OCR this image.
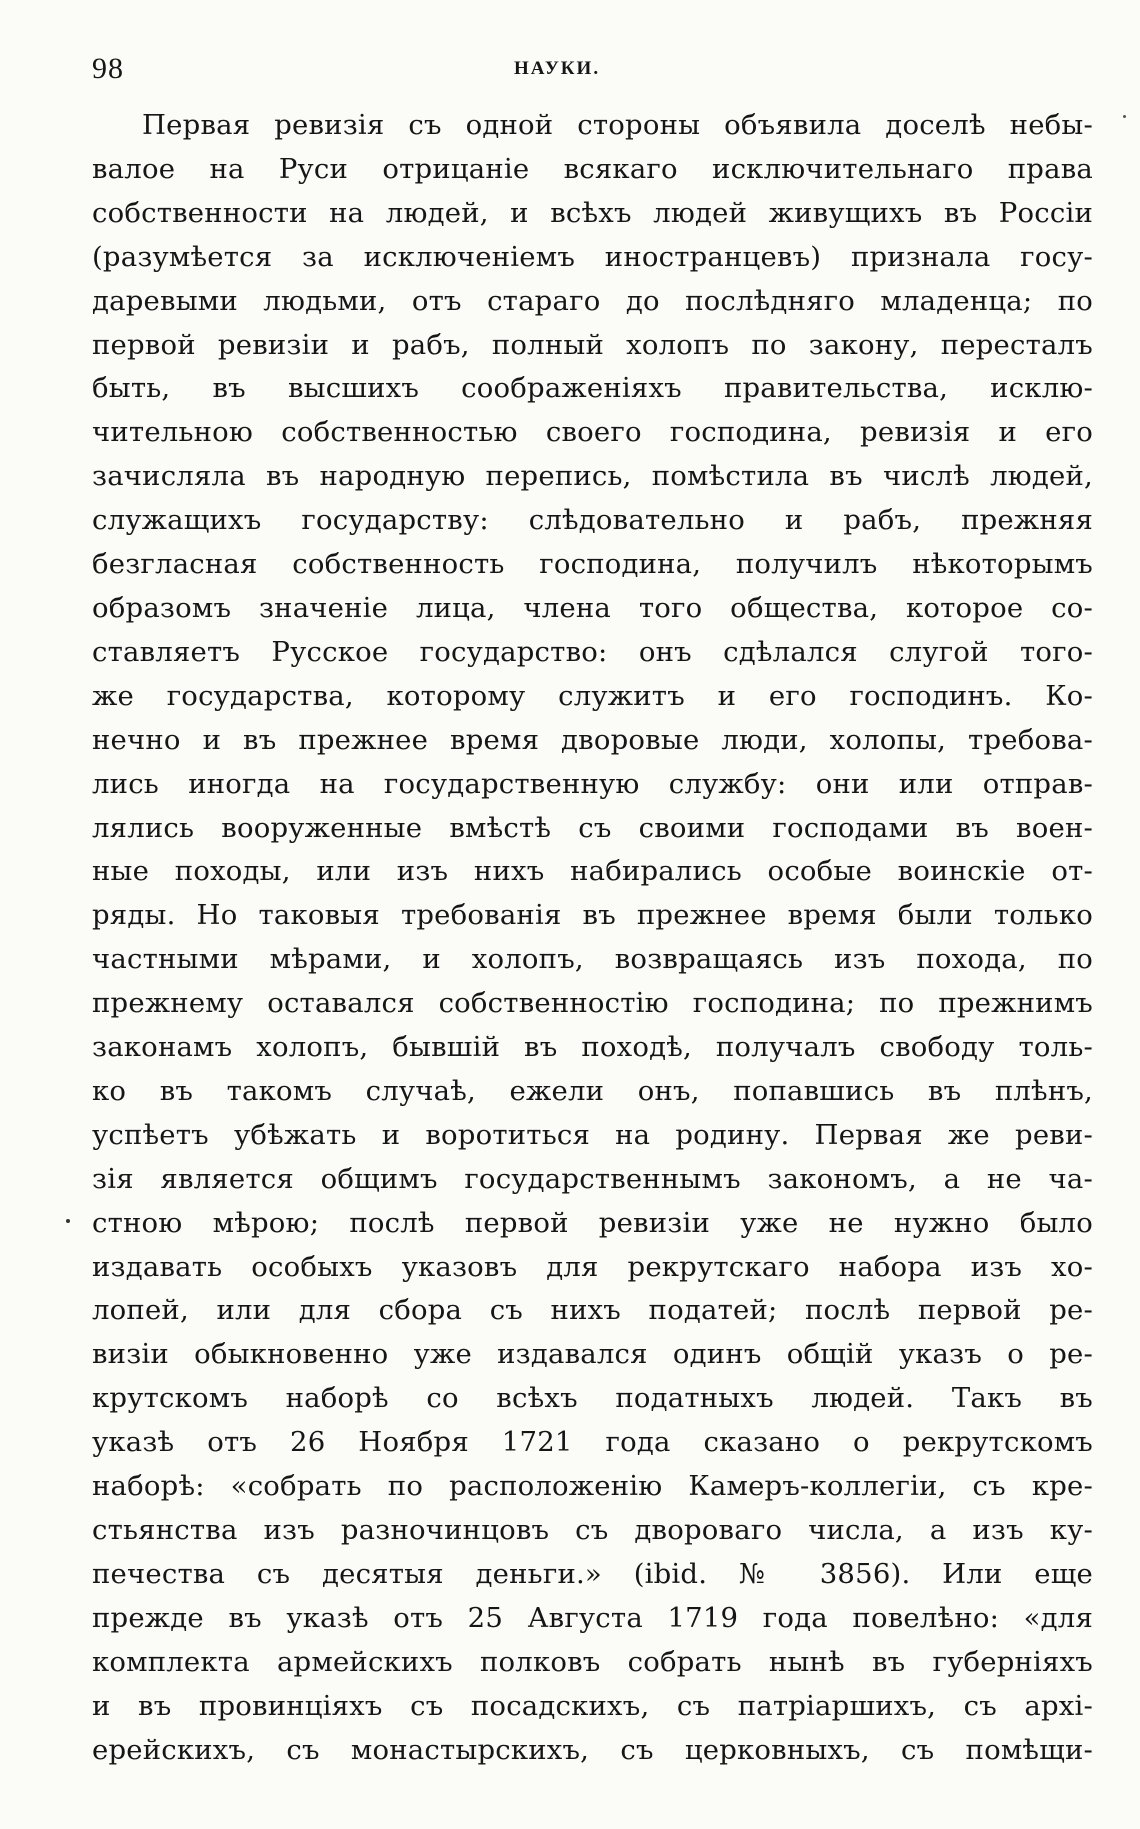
98	НАУКИ.
Первая ревизія съ одной стороны объявила доселѣ небы-
валое на Руси отрицаніе всякаго исключительнаго права
собственности на людей, и всѣхъ людей живущихъ въ Россіи
(разумѣется за исключеніемъ иностранцевъ) признала госу-
даревыми людьми, отъ стараго до послѣдняго младенца; по
первой ревизіи и рабъ, полный холопъ по закону, пересталъ
быть, въ высшихъ соображеніяхъ правительства, исклю-
чительною собственностью своего господина, ревизія и его
зачисляла въ народную перепись, помѣстила въ числѣ людей,
служащихъ государству: слѣдовательно и рабъ, прежняя
безгласная собственность господина, получилъ нѣкоторымъ
образомъ значеніе лица, члена того общества, которое со-
ставляетъ Русское государство: онъ сдѣлался слугой того-
же государства, которому служитъ и его господинъ. Ко-
нечно и въ прежнее время дворовые люди, холопы, требова-
лись иногда на государственную службу: они или отправ-
лялись вооруженные вмѣстѣ съ своими господами въ воен-
ные походы, или изъ нихъ набирались особые воинскіе от-
ряды. Но таковыя требованія въ прежнее время были только
частными мѣрами, и холопъ, возвращаясь изъ похода, по
прежнему оставался собственностію господина; по прежнимъ
законамъ холопъ, бывшій въ походѣ, получалъ свободу толь-
ко въ такомъ случаѣ, ежели онъ, попавшись въ плѣнъ,
успѣетъ убѣжать и воротиться на родину. Первая же реви-
зія является общимъ государственнымъ закономъ, а не ча-
стною мѣрою; послѣ первой ревизіи уже не нужно было
издавать особыхъ указовъ для рекрутскаго набора изъ хо-
лопей, или для сбора съ нихъ податей; послѣ первой ре-
визіи обыкновенно уже издавался одинъ общій указъ о ре-
крутскомъ наборѣ со всѣхъ податныхъ людей. Такъ въ
указѣ отъ 26 Ноября 1721 года сказано о рекрутскомъ
наборѣ: «собрать по расположенію Камеръ-коллегіи, съ кре-
стьянства изъ разночинцовъ съ двороваго числа, а изъ ку-
печества съ десятыя деньги.» (ibid. № 3856). Или еще
прежде въ указѣ отъ 25 Августа 1719 года повелѣно: «для
комплекта армейскихъ полковъ собрать нынѣ въ губерніяхъ
и въ провинціяхъ съ посадскихъ, съ патріаршихъ, съ архі-
ерейскихъ, съ монастырскихъ, съ церковныхъ, съ помѣщи-
